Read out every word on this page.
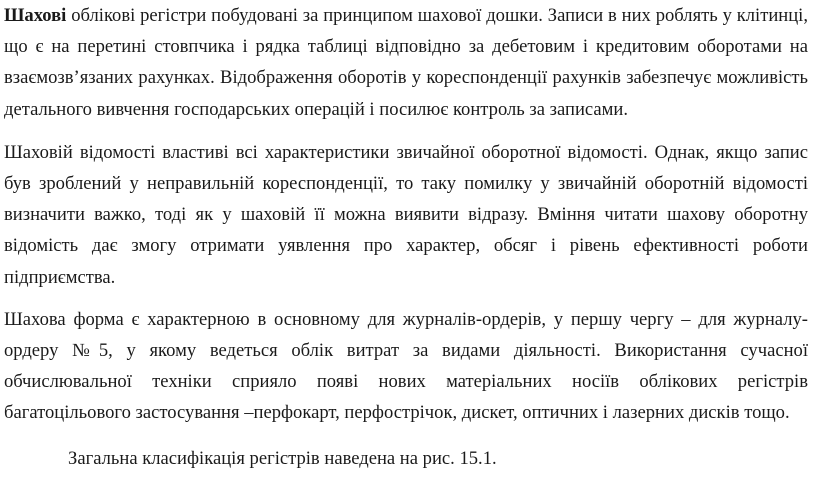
Шахові облікові регістри побудовані за принципом шахової дошки. Записи в них роблять у клітинці, що є на перетині стовпчика і рядка таблиці відповідно за дебетовим і кредитовим оборотами на взаємозв’язаних рахунках. Відображення оборотів у кореспонденції рахунків забезпечує можливість детального вивчення господарських операцій і посилює контроль за записами.

Шаховій відомості властиві всі характеристики звичайної оборотної відомості. Однак, якщо запис був зроблений у неправильній кореспонденції, то таку помилку у звичайній оборотній відомості визначити важко, тоді як у шаховій її можна виявити відразу. Вміння читати шахову оборотну відомість дає змогу отримати уявлення про характер, обсяг і рівень ефективності роботи підприємства.

Шахова форма є характерною в основному для журналів-ордерів, у першу чергу – для журналу-ордеру №5, у якому ведеться облік витрат за видами діяльності. Використання сучасної обчислювальної техніки сприяло появі нових матеріальних носіїв облікових регістрів багатоцільового застосування –перфокарт, перфострічок, дискет, оптичних і лазерних дисків тощо.

Загальна класифікація регістрів наведена на рис. 15.1.
